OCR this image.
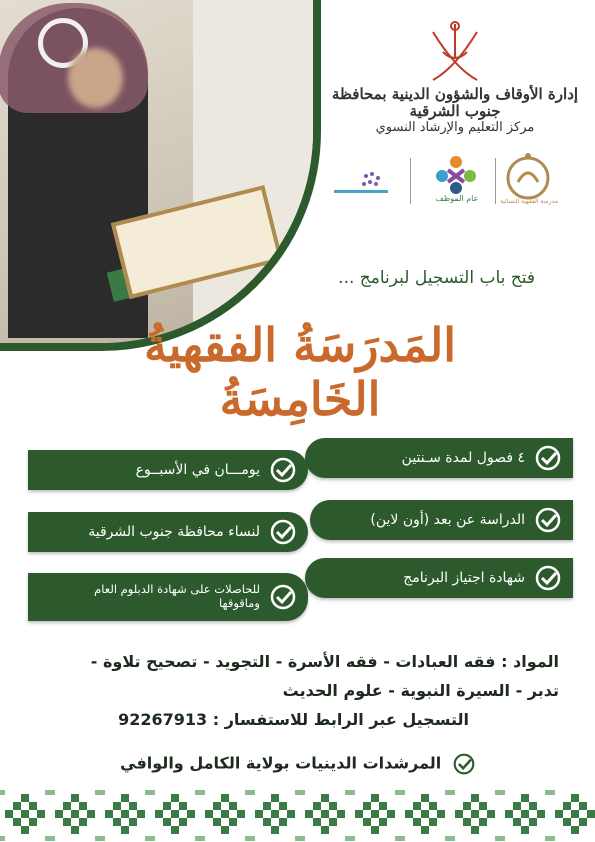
إدارة الأوقاف والشؤون الدينية بمحافظة جنوب الشرقية
مركز التعليم والإرشاد النسوي
عام الموظف	مدرسة الفقهية النسائية
فتح باب التسجيل لبرنامج ...
المَدرَسَةُ الفقهيةُ الخَامِسَةُ
٤ فصول لمدة سـنتين
يومـــان في الأسبــوع
الدراسة عن بعد (أون لاين)
لنساء محافظة جنوب الشرقية
شهادة اجتياز البرنامج
للحاصلات على شهادة الدبلوم العام وماقوقها
المواد : فقه العبادات - فقه الأسرة - التجويد - تصحيح تلاوة -
تدبر - السيرة النبوية - علوم الحديث
التسجيل عبر الرابط للاستفسار : 92267913
المرشدات الدينيات بولاية الكامل والوافي
